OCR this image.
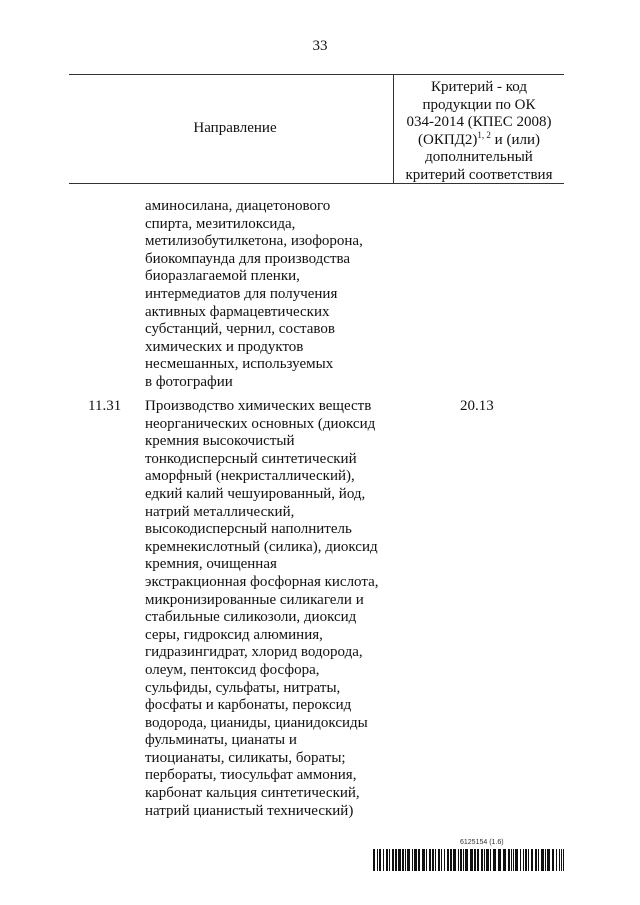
33
Направление
Критерий - код
продукции по ОК
034-2014 (КПЕС 2008)
(ОКПД2)$^{1, 2}$ и (или)
дополнительный
критерий соответствия
аминосилана, диацетонового
спирта, мезитилоксида,
метилизобутилкетона, изофорона,
биокомпаунда для производства
биоразлагаемой пленки,
интермедиатов для получения
активных фармацевтических
субстанций, чернил, составов
химических и продуктов
несмешанных, используемых
в фотографии
11.31 Производство химических веществ
неорганических основных (диоксид
кремния высокочистый
тонкодисперсный синтетический
аморфный (некристаллический),
едкий калий чешуированный, йод,
натрий металлический,
высокодисперсный наполнитель
кремнекислотный (силика), диоксид
кремния, очищенная
экстракционная фосфорная кислота,
микронизированные силикагели и
стабильные силикозоли, диоксид
серы, гидроксид алюминия,
гидразингидрат, хлорид водорода,
олеум, пентоксид фосфора,
сульфиды, сульфаты, нитраты,
фосфаты и карбонаты, пероксид
водорода, цианиды, цианидоксиды
фульминаты, цианаты и
тиоцианаты, силикаты, бораты;
пербораты, тиосульфат аммония,
карбонат кальция синтетический,
натрий цианистый технический)
20.13
6125154 (1.6)
